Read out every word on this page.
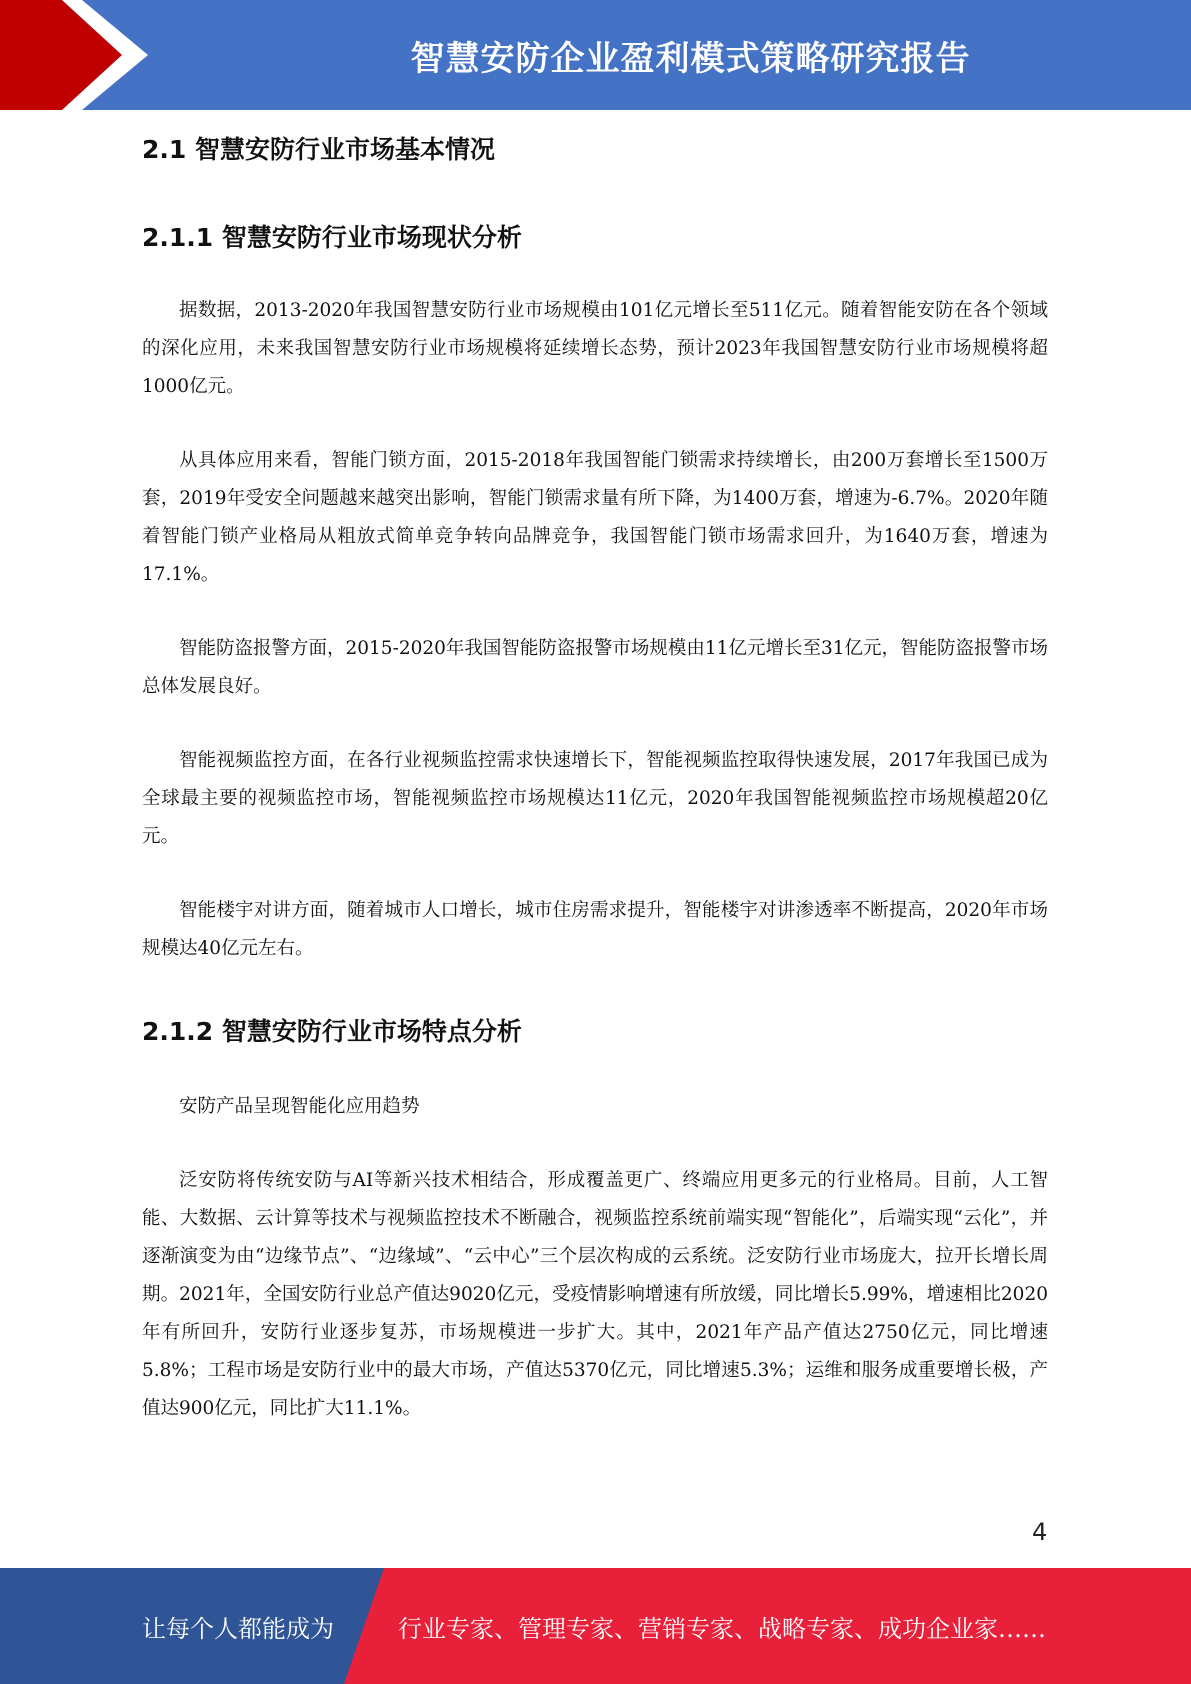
智慧安防企业盈利模式策略研究报告
2.1 智慧安防行业市场基本情况
2.1.1 智慧安防行业市场现状分析

据数据，2013-2020年我国智慧安防行业市场规模由101亿元增长至511亿元。随着智能安防在各个领域的深化应用，未来我国智慧安防行业市场规模将延续增长态势，预计2023年我国智慧安防行业市场规模将超1000亿元。

从具体应用来看，智能门锁方面，2015-2018年我国智能门锁需求持续增长，由200万套增长至1500万套，2019年受安全问题越来越突出影响，智能门锁需求量有所下降，为1400万套，增速为-6.7%。2020年随着智能门锁产业格局从粗放式简单竞争转向品牌竞争，我国智能门锁市场需求回升，为1640万套，增速为17.1%。

智能防盗报警方面，2015-2020年我国智能防盗报警市场规模由11亿元增长至31亿元，智能防盗报警市场总体发展良好。

智能视频监控方面，在各行业视频监控需求快速增长下，智能视频监控取得快速发展，2017年我国已成为全球最主要的视频监控市场，智能视频监控市场规模达11亿元，2020年我国智能视频监控市场规模超20亿元。

智能楼宇对讲方面，随着城市人口增长，城市住房需求提升，智能楼宇对讲渗透率不断提高，2020年市场规模达40亿元左右。

2.1.2 智慧安防行业市场特点分析

安防产品呈现智能化应用趋势

泛安防将传统安防与AI等新兴技术相结合，形成覆盖更广、终端应用更多元的行业格局。目前，人工智能、大数据、云计算等技术与视频监控技术不断融合，视频监控系统前端实现“智能化”，后端实现“云化”，并逐渐演变为由“边缘节点”、“边缘域”、“云中心”三个层次构成的云系统。泛安防行业市场庞大，拉开长增长周期。2021年，全国安防行业总产值达9020亿元，受疫情影响增速有所放缓，同比增长5.99%，增速相比2020年有所回升，安防行业逐步复苏，市场规模进一步扩大。其中，2021年产品产值达2750亿元，同比增速5.8%；工程市场是安防行业中的最大市场，产值达5370亿元，同比增速5.3%；运维和服务成重要增长极，产值达900亿元，同比扩大11.1%。

4
让每个人都能成为	行业专家、管理专家、营销专家、战略专家、成功企业家……
